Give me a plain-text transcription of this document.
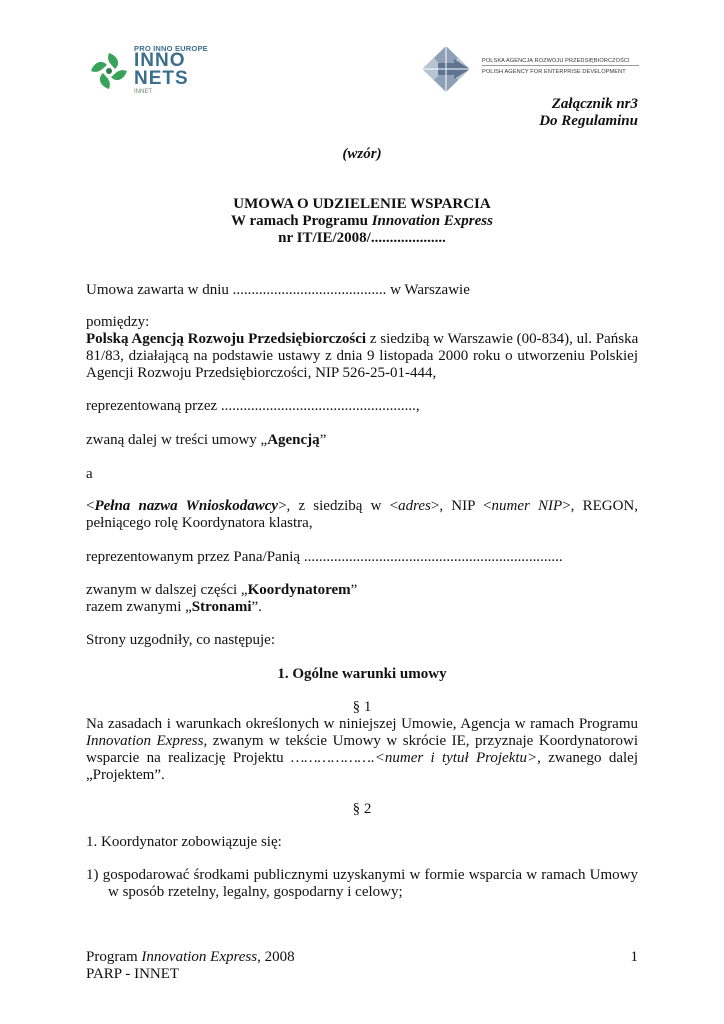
PRO INNO EUROPE
INNO
NETS
INNET
POLSKA AGENCJA ROZWOJU PRZEDSIĘBIORCZOŚCI
POLISH AGENCY FOR ENTERPRISE DEVELOPMENT
Załącznik nr3
Do Regulaminu
(wzór)
UMOWA O UDZIELENIE WSPARCIA
W ramach Programu Innovation Express
nr IT/IE/2008/....................
Umowa zawarta w dniu ......................................... w Warszawie
pomiędzy:
Polską Agencją Rozwoju Przedsiębiorczości z siedzibą w Warszawie (00-834), ul. Pańska
81/83, działającą na podstawie ustawy z dnia 9 listopada 2000 roku o utworzeniu Polskiej
Agencji Rozwoju Przedsiębiorczości, NIP 526-25-01-444,
reprezentowaną przez ....................................................,
zwaną dalej w treści umowy „Agencją”
a
<Pełna nazwa Wnioskodawcy>, z siedzibą w <adres>, NIP <numer NIP>, REGON,
pełniącego rolę Koordynatora klastra,
reprezentowanym przez Pana/Panią .....................................................................
zwanym w dalszej części „Koordynatorem”
razem zwanymi „Stronami”.
Strony uzgodniły, co następuje:
1. Ogólne warunki umowy
§ 1
Na zasadach i warunkach określonych w niniejszej Umowie, Agencja w ramach Programu
Innovation Express, zwanym w tekście Umowy w skrócie IE, przyznaje Koordynatorowi
wsparcie na realizację Projektu ……………….<numer i tytuł Projektu>, zwanego dalej
„Projektem”.
§ 2
1. Koordynator zobowiązuje się:
1) gospodarować środkami publicznymi uzyskanymi w formie wsparcia w ramach Umowy
w sposób rzetelny, legalny, gospodarny i celowy;
Program Innovation Express, 2008
PARP - INNET
1
